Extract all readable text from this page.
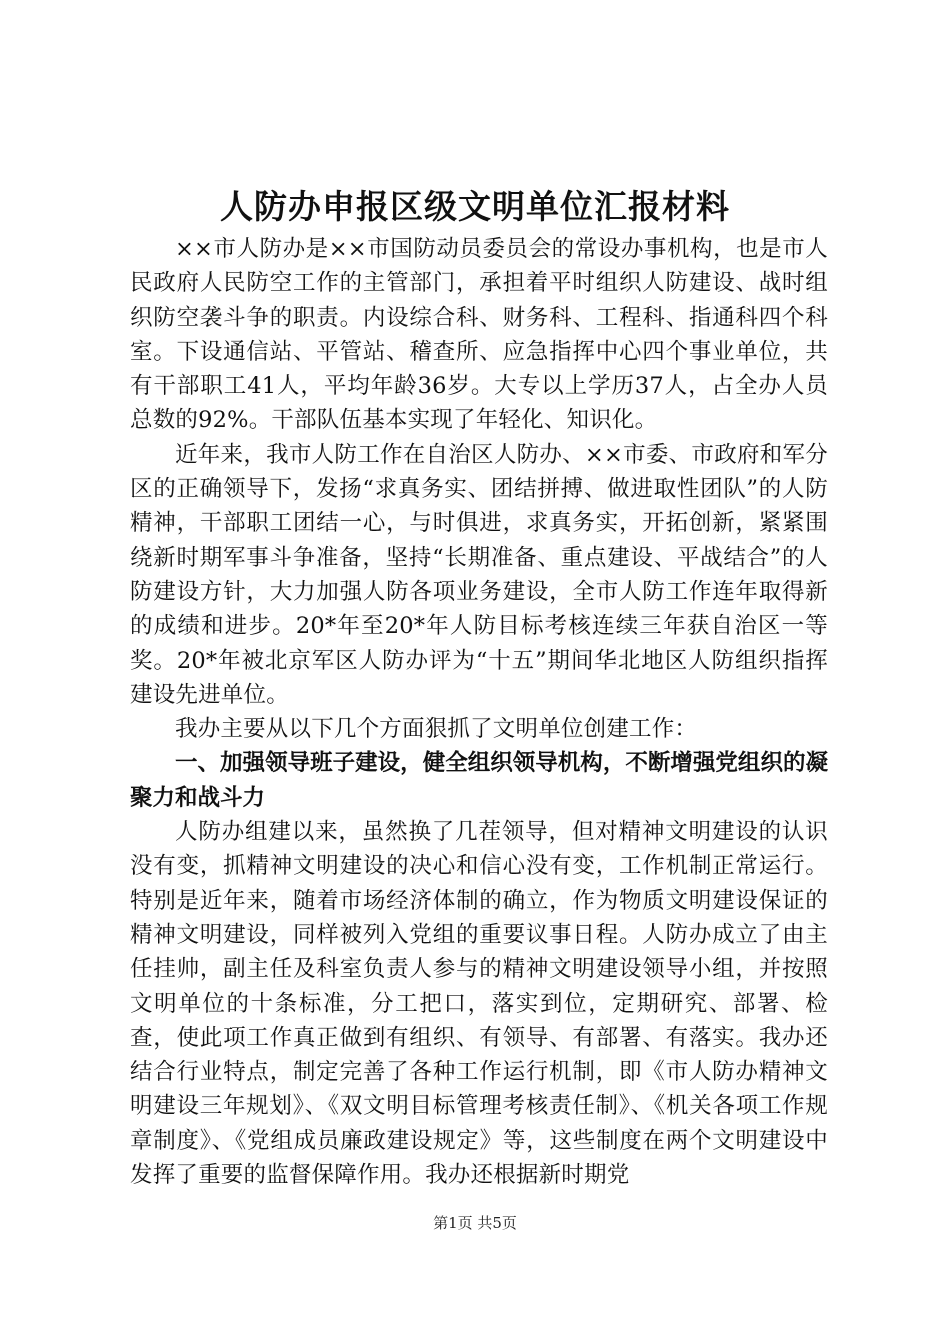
人防办申报区级文明单位汇报材料

××市人防办是××市国防动员委员会的常设办事机构，也是市人民政府人民防空工作的主管部门，承担着平时组织人防建设、战时组织防空袭斗争的职责。内设综合科、财务科、工程科、指通科四个科室。下设通信站、平管站、稽查所、应急指挥中心四个事业单位，共有干部职工41人，平均年龄36岁。大专以上学历37人，占全办人员总数的92%。干部队伍基本实现了年轻化、知识化。

近年来，我市人防工作在自治区人防办、××市委、市政府和军分区的正确领导下，发扬“求真务实、团结拼搏、做进取性团队”的人防精神，干部职工团结一心，与时俱进，求真务实，开拓创新，紧紧围绕新时期军事斗争准备，坚持“长期准备、重点建设、平战结合”的人防建设方针，大力加强人防各项业务建设，全市人防工作连年取得新的成绩和进步。20*年至20*年人防目标考核连续三年获自治区一等奖。20*年被北京军区人防办评为“十五”期间华北地区人防组织指挥建设先进单位。

我办主要从以下几个方面狠抓了文明单位创建工作：

一、加强领导班子建设，健全组织领导机构，不断增强党组织的凝聚力和战斗力

人防办组建以来，虽然换了几茬领导，但对精神文明建设的认识没有变，抓精神文明建设的决心和信心没有变，工作机制正常运行。特别是近年来，随着市场经济体制的确立，作为物质文明建设保证的精神文明建设，同样被列入党组的重要议事日程。人防办成立了由主任挂帅，副主任及科室负责人参与的精神文明建设领导小组，并按照文明单位的十条标准，分工把口，落实到位，定期研究、部署、检查，使此项工作真正做到有组织、有领导、有部署、有落实。我办还结合行业特点，制定完善了各种工作运行机制，即《市人防办精神文明建设三年规划》、《双文明目标管理考核责任制》、《机关各项工作规章制度》、《党组成员廉政建设规定》等，这些制度在两个文明建设中发挥了重要的监督保障作用。我办还根据新时期党

第1页 共5页
